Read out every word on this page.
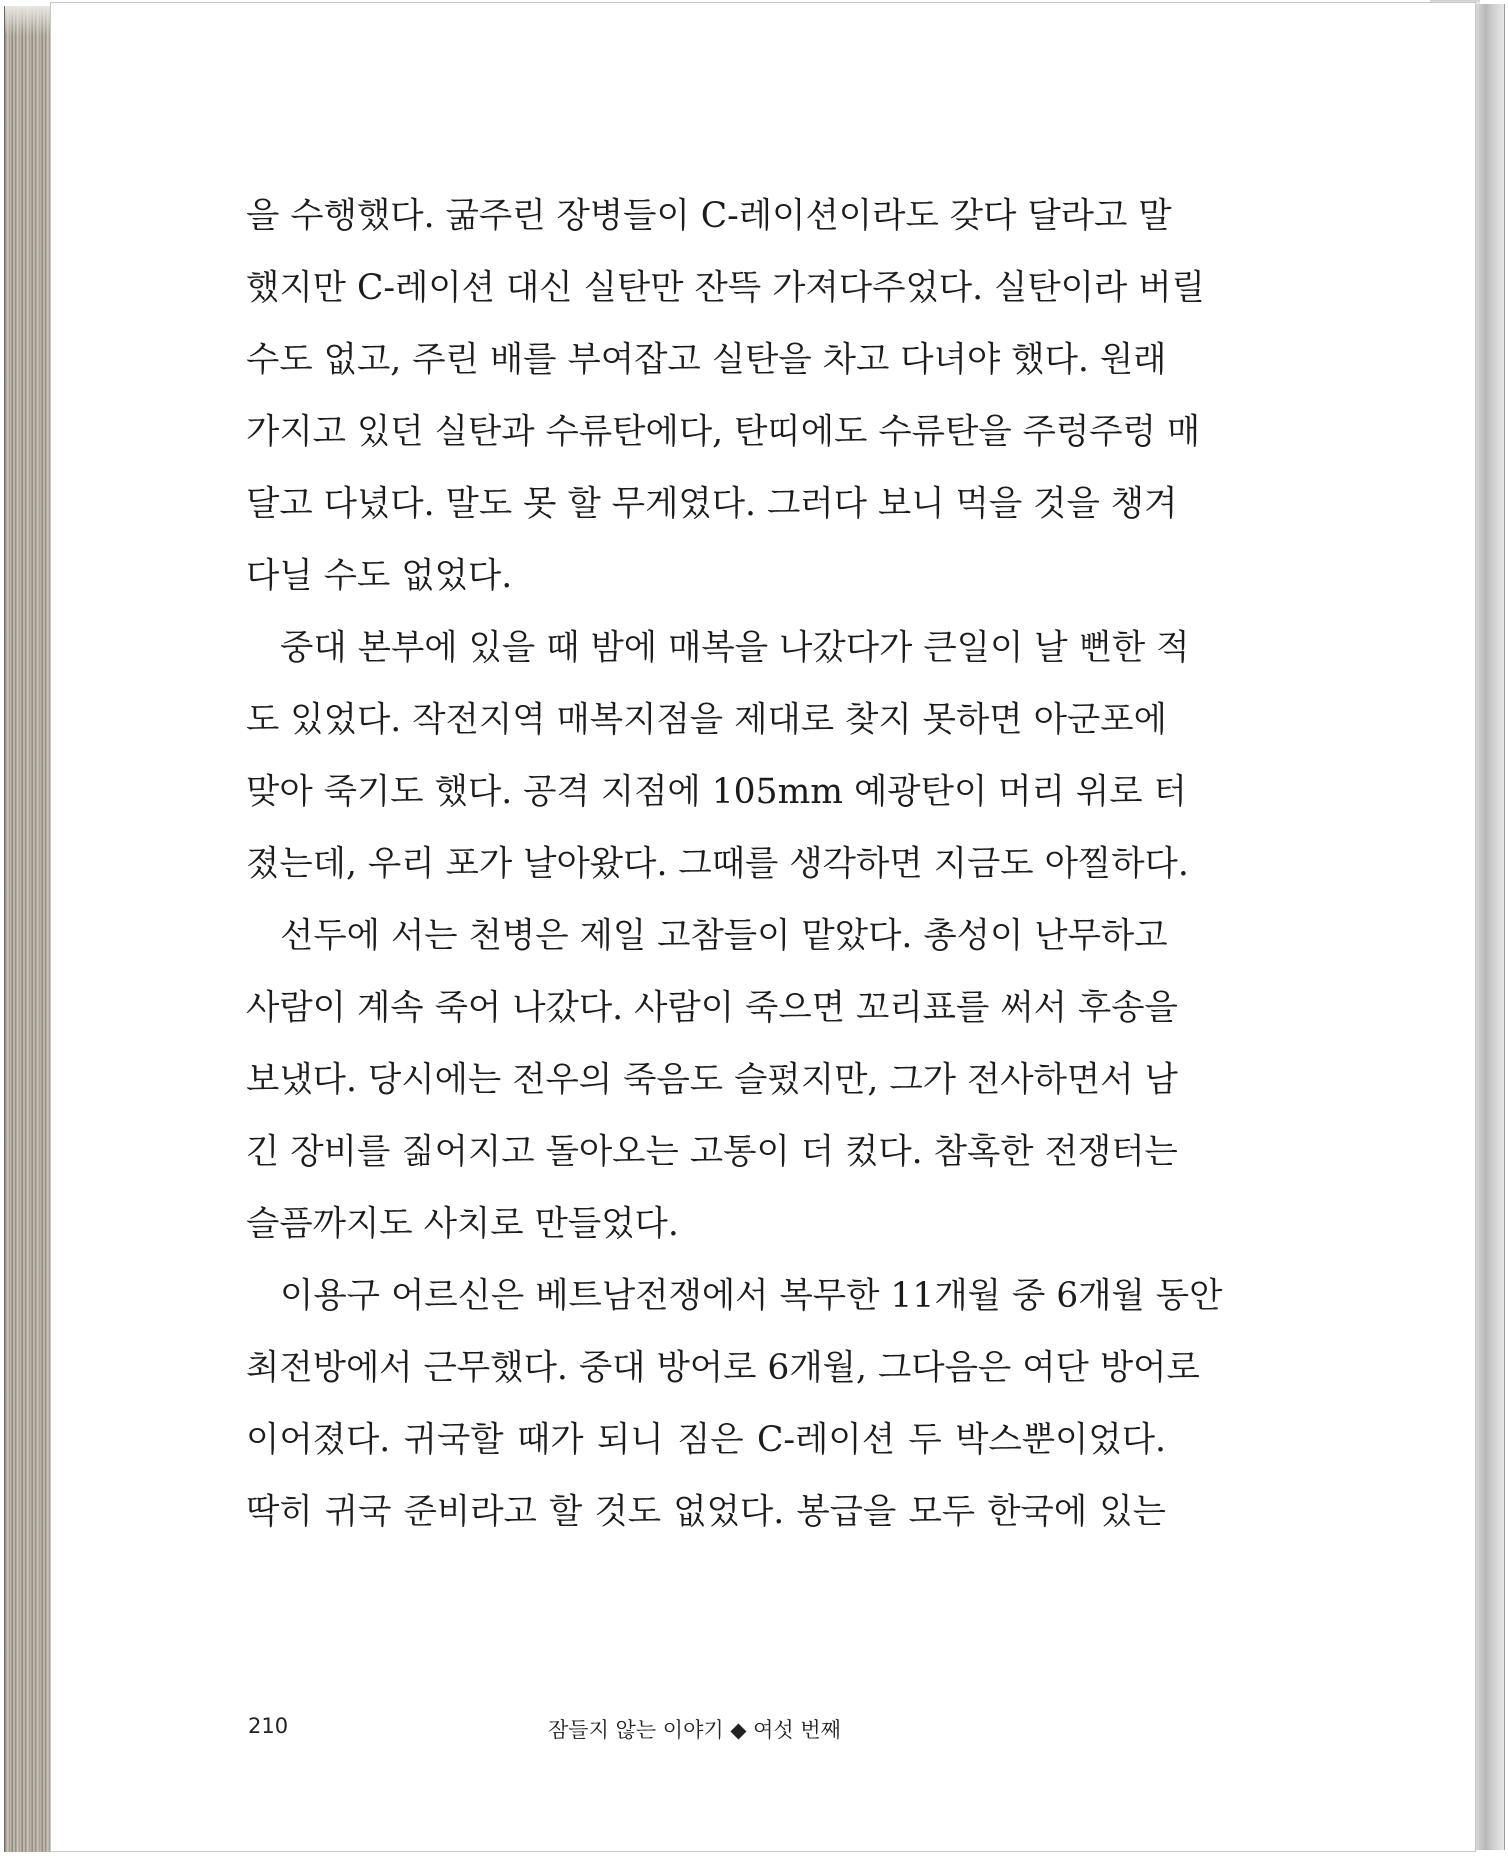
을 수행했다. 굶주린 장병들이 C-레이션이라도 갖다 달라고 말
했지만 C-레이션 대신 실탄만 잔뜩 가져다주었다. 실탄이라 버릴
수도 없고, 주린 배를 부여잡고 실탄을 차고 다녀야 했다. 원래
가지고 있던 실탄과 수류탄에다, 탄띠에도 수류탄을 주렁주렁 매
달고 다녔다. 말도 못 할 무게였다. 그러다 보니 먹을 것을 챙겨
다닐 수도 없었다.
중대 본부에 있을 때 밤에 매복을 나갔다가 큰일이 날 뻔한 적
도 있었다. 작전지역 매복지점을 제대로 찾지 못하면 아군포에
맞아 죽기도 했다. 공격 지점에 105mm 예광탄이 머리 위로 터
졌는데, 우리 포가 날아왔다. 그때를 생각하면 지금도 아찔하다.
선두에 서는 천병은 제일 고참들이 맡았다. 총성이 난무하고
사람이 계속 죽어 나갔다. 사람이 죽으면 꼬리표를 써서 후송을
보냈다. 당시에는 전우의 죽음도 슬펐지만, 그가 전사하면서 남
긴 장비를 짊어지고 돌아오는 고통이 더 컸다. 참혹한 전쟁터는
슬픔까지도 사치로 만들었다.
이용구 어르신은 베트남전쟁에서 복무한 11개월 중 6개월 동안
최전방에서 근무했다. 중대 방어로 6개월, 그다음은 여단 방어로
이어졌다. 귀국할 때가 되니 짐은 C-레이션 두 박스뿐이었다.
딱히 귀국 준비라고 할 것도 없었다. 봉급을 모두 한국에 있는
210	잠들지 않는 이야기 ◆ 여섯 번째
